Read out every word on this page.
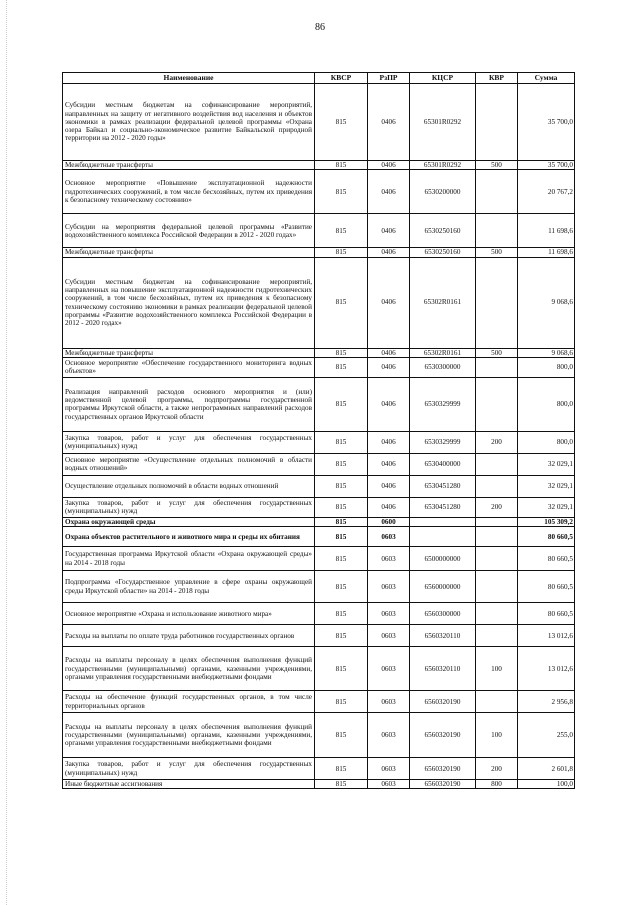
86
Наименование	КВСР	РзПР	КЦСР	КВР	Сумма
Субсидии местным бюджетам на софинансирование мероприятий, направленных на защиту от негативного воздействия вод населения и объектов экономики в рамках реализации федеральной целевой программы «Охрана озера Байкал и социально-экономическое развитие Байкальской природной территории на 2012 - 2020 годы»	815	0406	65301R0292		35 700,0
Межбюджетные трансферты	815	0406	65301R0292	500	35 700,0
Основное мероприятие «Повышение эксплуатационной надежности гидротехнических сооружений, в том числе бесхозяйных, путем их приведения к безопасному техническому состоянию»	815	0406	6530200000		20 767,2
Субсидии на мероприятия федеральной целевой программы «Развитие водохозяйственного комплекса Российской Федерации в 2012 - 2020 годах»	815	0406	6530250160		11 698,6
Межбюджетные трансферты	815	0406	6530250160	500	11 698,6
Субсидии местным бюджетам на софинансирование мероприятий, направленных на повышение эксплуатационной надежности гидротехнических сооружений, в том числе бесхозяйных, путем их приведения к безопасному техническому состоянию экономики в рамках реализации федеральной целевой программы «Развитие водохозяйственного комплекса Российской Федерации в 2012 - 2020 годах»	815	0406	65302R0161		9 068,6
Межбюджетные трансферты	815	0406	65302R0161	500	9 068,6
Основное мероприятие «Обеспечение государственного мониторинга водных объектов»	815	0406	6530300000		800,0
Реализация направлений расходов основного мероприятия и (или) ведомственной целевой программы, подпрограммы государственной программы Иркутской области, а также непрограммных направлений расходов государственных органов Иркутской области	815	0406	6530329999		800,0
Закупка товаров, работ и услуг для обеспечения государственных (муниципальных) нужд	815	0406	6530329999	200	800,0
Основное мероприятие «Осуществление отдельных полномочий в области водных отношений»	815	0406	6530400000		32 029,1
Осуществление отдельных полномочий в области водных отношений	815	0406	6530451280		32 029,1
Закупка товаров, работ и услуг для обеспечения государственных (муниципальных) нужд	815	0406	6530451280	200	32 029,1
Охрана окружающей среды	815	0600			105 309,2
Охрана объектов растительного и животного мира и среды их обитания	815	0603			80 660,5
Государственная программа Иркутской области «Охрана окружающей среды» на 2014 - 2018 годы	815	0603	6500000000		80 660,5
Подпрограмма «Государственное управление в сфере охраны окружающей среды Иркутской области» на 2014 - 2018 годы	815	0603	6560000000		80 660,5
Основное мероприятие «Охрана и использование животного мира»	815	0603	6560300000		80 660,5
Расходы на выплаты по оплате труда работников государственных органов	815	0603	6560320110		13 012,6
Расходы на выплаты персоналу в целях обеспечения выполнения функций государственными (муниципальными) органами, казенными учреждениями, органами управления государственными внебюджетными фондами	815	0603	6560320110	100	13 012,6
Расходы на обеспечение функций государственных органов, в том числе территориальных органов	815	0603	6560320190		2 956,8
Расходы на выплаты персоналу в целях обеспечения выполнения функций государственными (муниципальными) органами, казенными учреждениями, органами управления государственными внебюджетными фондами	815	0603	6560320190	100	255,0
Закупка товаров, работ и услуг для обеспечения государственных (муниципальных) нужд	815	0603	6560320190	200	2 601,8
Иные бюджетные ассигнования	815	0603	6560320190	800	100,0
